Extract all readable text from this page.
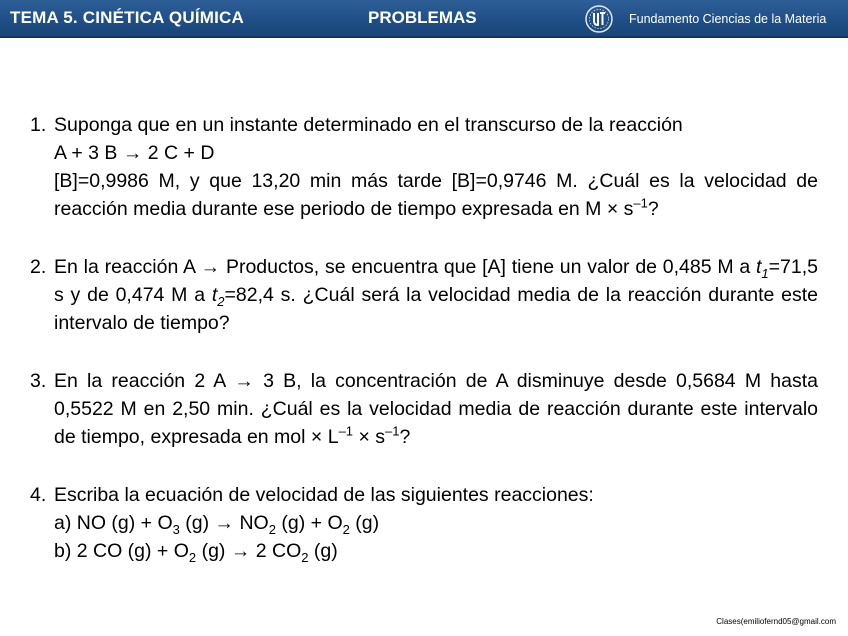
TEMA 5. CINÉTICA QUÍMICA	PROBLEMAS	Fundamento Ciencias de la Materia
1. Suponga que en un instante determinado en el transcurso de la reacción

A + 3 B → 2 C + D

[B]=0,9986 M, y que 13,20 min más tarde [B]=0,9746 M. ¿Cuál es la velocidad de reacción media durante ese periodo de tiempo expresada en $M \times s^{-1}$?

2. En la reacción A → Productos, se encuentra que [A] tiene un valor de 0,485 M a $t_1=71,5$ s y de 0,474 M a $t_2=82,4$ s. ¿Cuál será la velocidad media de la reacción durante este intervalo de tiempo?

3. En la reacción 2 A → 3 B, la concentración de A disminuye desde 0,5684 M hasta 0,5522 M en 2,50 min. ¿Cuál es la velocidad media de reacción durante este intervalo de tiempo, expresada en mol × $L^{-1} \times s^{-1}$?

4. Escriba la ecuación de velocidad de las siguientes reacciones:

a) NO $(g) + O_3$ $(g) \to NO_2$ $(g) + O_2$ (g)

b) 2 CO $(g) + O_2$ (g) → 2 $CO_2$ (g)

Clases(emiliofernd05@gmail.com
